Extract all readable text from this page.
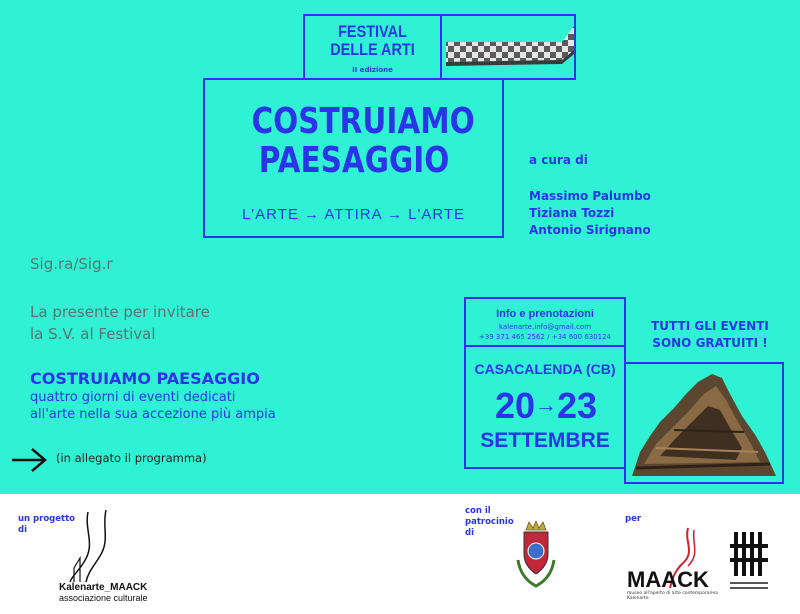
FESTIVAL
DELLE ARTI
II edizione
COSTRUIAMO
PAESAGGIO
L'ARTE → ATTIRA → L'ARTE
a cura di
Massimo Palumbo
Tiziana Tozzi
Antonio Sirignano
Sig.ra/Sig.r
La presente per invitare
la S.V. al Festival
COSTRUIAMO PAESAGGIO
quattro giorni di eventi dedicati
all'arte nella sua accezione più ampia
(in allegato il programma)
Info e prenotazioni
kalenarte.info@gmail.com
+39 371 465 2562 / +34 600 630124
TUTTI GLI EVENTI
SONO GRATUITI !
CASACALENDA (CB)
20→23
SETTEMBRE
un progetto
di
con il
patrocinio
di
per
Kalenarte_MAACK
associazione culturale
MAACK
museo all'aperto di arte contemporanea Kalenarte
